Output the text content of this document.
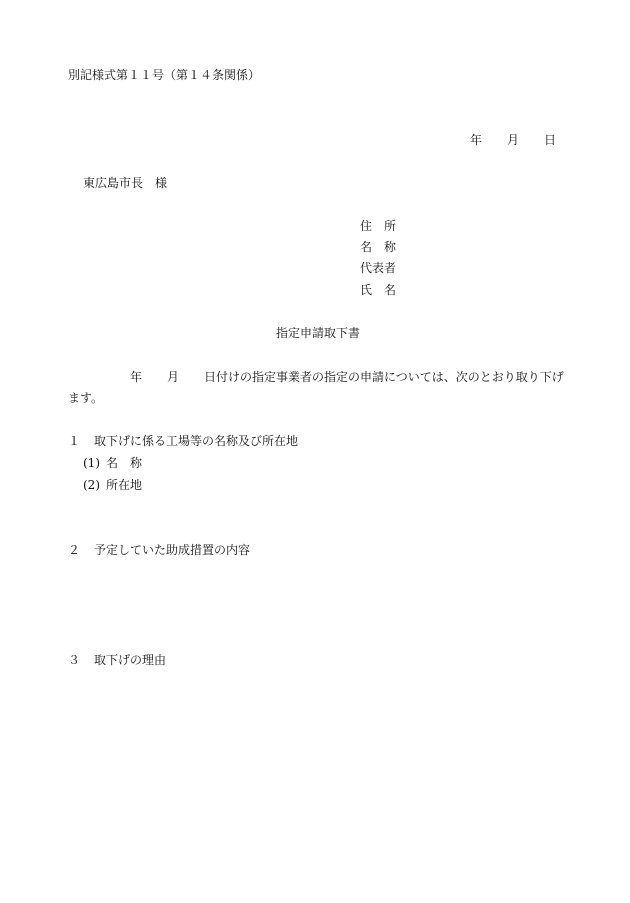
別記様式第１１号（第１４条関係）
年 月 日
東広島市長　様
住　所
名　称
代表者
氏　名
指定申請取下書
年 月 日付けの指定事業者の指定の申請については、次のとおり取り下げ
ます。
１ 取下げに係る工場等の名称及び所在地
(1) 名　称
(2) 所在地
２ 予定していた助成措置の内容
３ 取下げの理由
